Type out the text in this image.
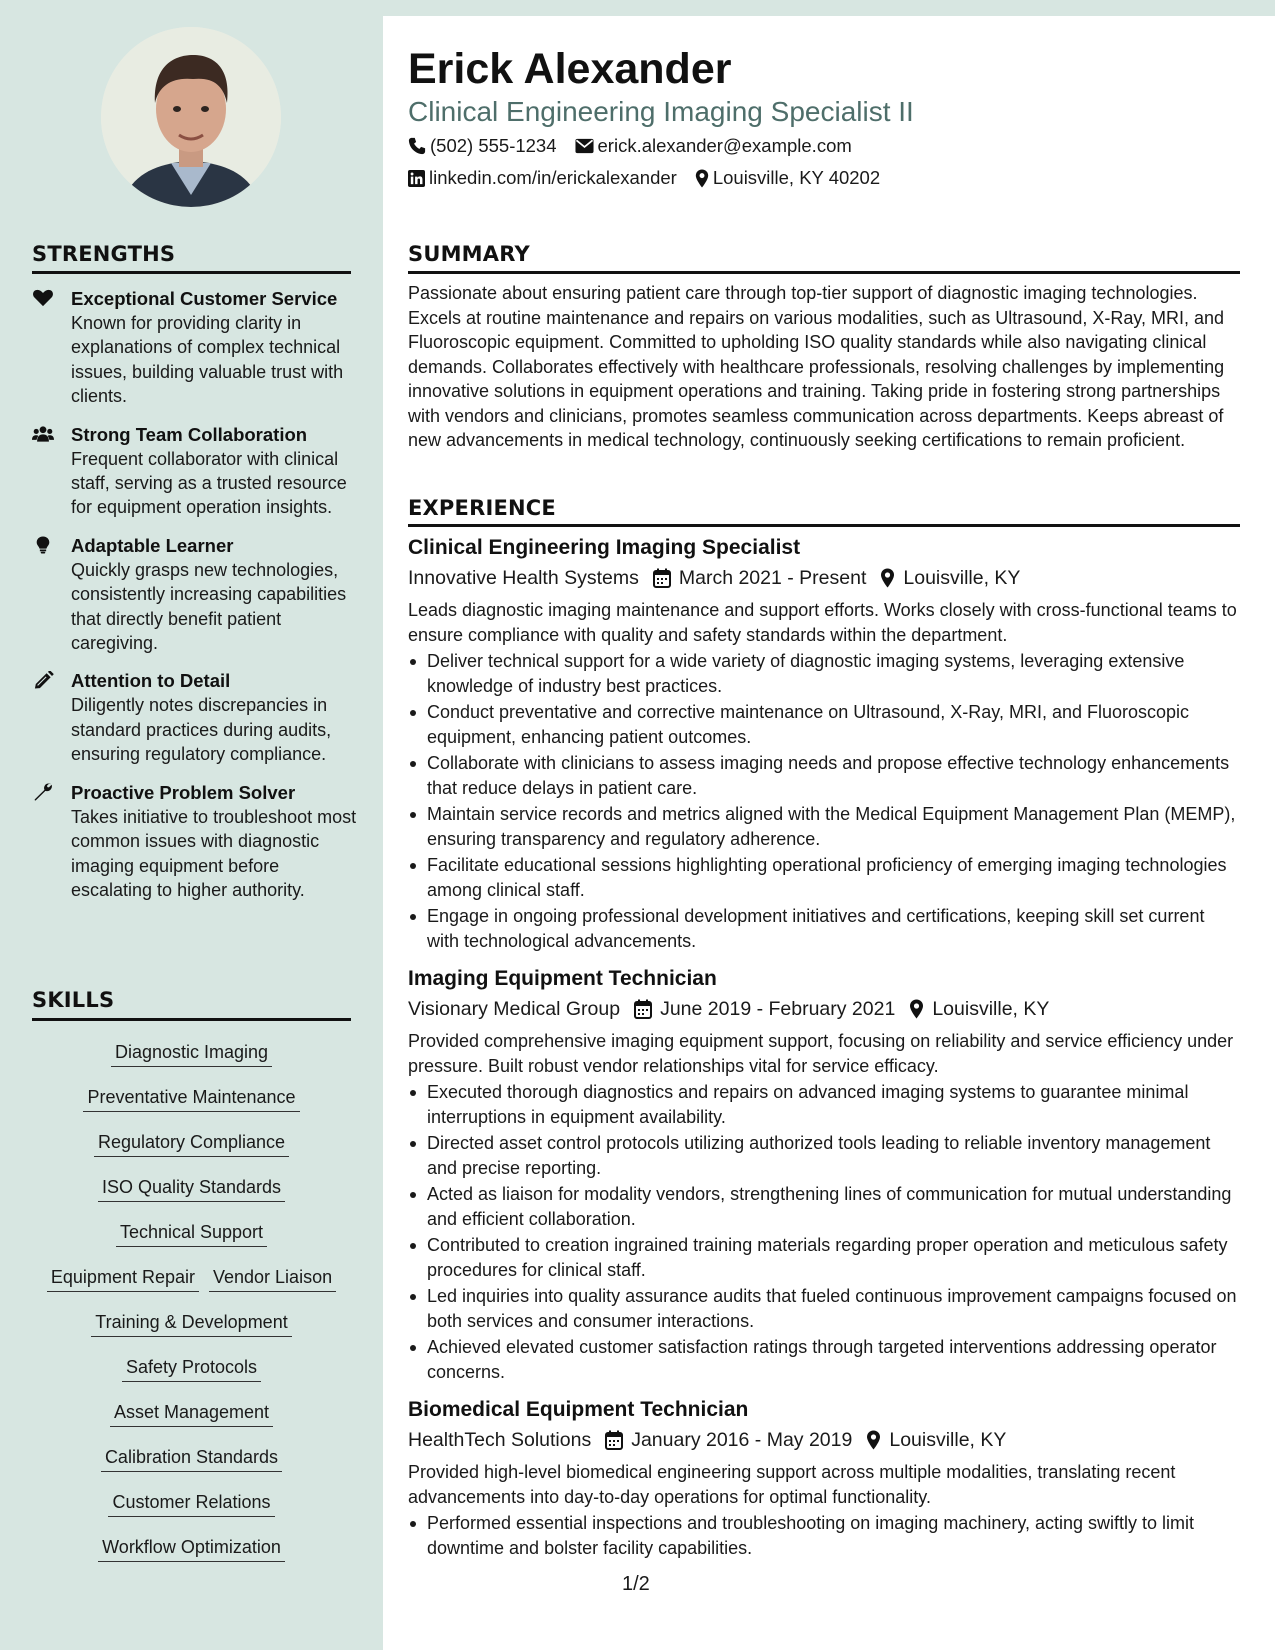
STRENGTHS
Exceptional Customer Service
Known for providing clarity in explanations of complex technical issues, building valuable trust with clients.
Strong Team Collaboration
Frequent collaborator with clinical staff, serving as a trusted resource for equipment operation insights.
Adaptable Learner
Quickly grasps new technologies, consistently increasing capabilities that directly benefit patient caregiving.
Attention to Detail
Diligently notes discrepancies in standard practices during audits, ensuring regulatory compliance.
Proactive Problem Solver
Takes initiative to troubleshoot most common issues with diagnostic imaging equipment before escalating to higher authority.
SKILLS
Diagnostic Imaging
Preventative Maintenance
Regulatory Compliance
ISO Quality Standards
Technical Support
Equipment Repair Vendor Liaison
Training & Development
Safety Protocols
Asset Management
Calibration Standards
Customer Relations
Workflow Optimization
Erick Alexander
Clinical Engineering Imaging Specialist II
(502) 555-1234 erick.alexander@example.com
linkedin.com/in/erickalexander Louisville, KY 40202
SUMMARY
Passionate about ensuring patient care through top-tier support of diagnostic imaging technologies. Excels at routine maintenance and repairs on various modalities, such as Ultrasound, X-Ray, MRI, and Fluoroscopic equipment. Committed to upholding ISO quality standards while also navigating clinical demands. Collaborates effectively with healthcare professionals, resolving challenges by implementing innovative solutions in equipment operations and training. Taking pride in fostering strong partnerships with vendors and clinicians, promotes seamless communication across departments. Keeps abreast of new advancements in medical technology, continuously seeking certifications to remain proficient.
EXPERIENCE
Clinical Engineering Imaging Specialist
Innovative Health Systems March 2021 - Present Louisville, KY
Leads diagnostic imaging maintenance and support efforts. Works closely with cross-functional teams to ensure compliance with quality and safety standards within the department.
Deliver technical support for a wide variety of diagnostic imaging systems, leveraging extensive knowledge of industry best practices.
Conduct preventative and corrective maintenance on Ultrasound, X-Ray, MRI, and Fluoroscopic equipment, enhancing patient outcomes.
Collaborate with clinicians to assess imaging needs and propose effective technology enhancements that reduce delays in patient care.
Maintain service records and metrics aligned with the Medical Equipment Management Plan (MEMP), ensuring transparency and regulatory adherence.
Facilitate educational sessions highlighting operational proficiency of emerging imaging technologies among clinical staff.
Engage in ongoing professional development initiatives and certifications, keeping skill set current with technological advancements.
Imaging Equipment Technician
Visionary Medical Group June 2019 - February 2021 Louisville, KY
Provided comprehensive imaging equipment support, focusing on reliability and service efficiency under pressure. Built robust vendor relationships vital for service efficacy.
Executed thorough diagnostics and repairs on advanced imaging systems to guarantee minimal interruptions in equipment availability.
Directed asset control protocols utilizing authorized tools leading to reliable inventory management and precise reporting.
Acted as liaison for modality vendors, strengthening lines of communication for mutual understanding and efficient collaboration.
Contributed to creation ingrained training materials regarding proper operation and meticulous safety procedures for clinical staff.
Led inquiries into quality assurance audits that fueled continuous improvement campaigns focused on both services and consumer interactions.
Achieved elevated customer satisfaction ratings through targeted interventions addressing operator concerns.
Biomedical Equipment Technician
HealthTech Solutions January 2016 - May 2019 Louisville, KY
Provided high-level biomedical engineering support across multiple modalities, translating recent advancements into day-to-day operations for optimal functionality.
Performed essential inspections and troubleshooting on imaging machinery, acting swiftly to limit downtime and bolster facility capabilities.
1/2
